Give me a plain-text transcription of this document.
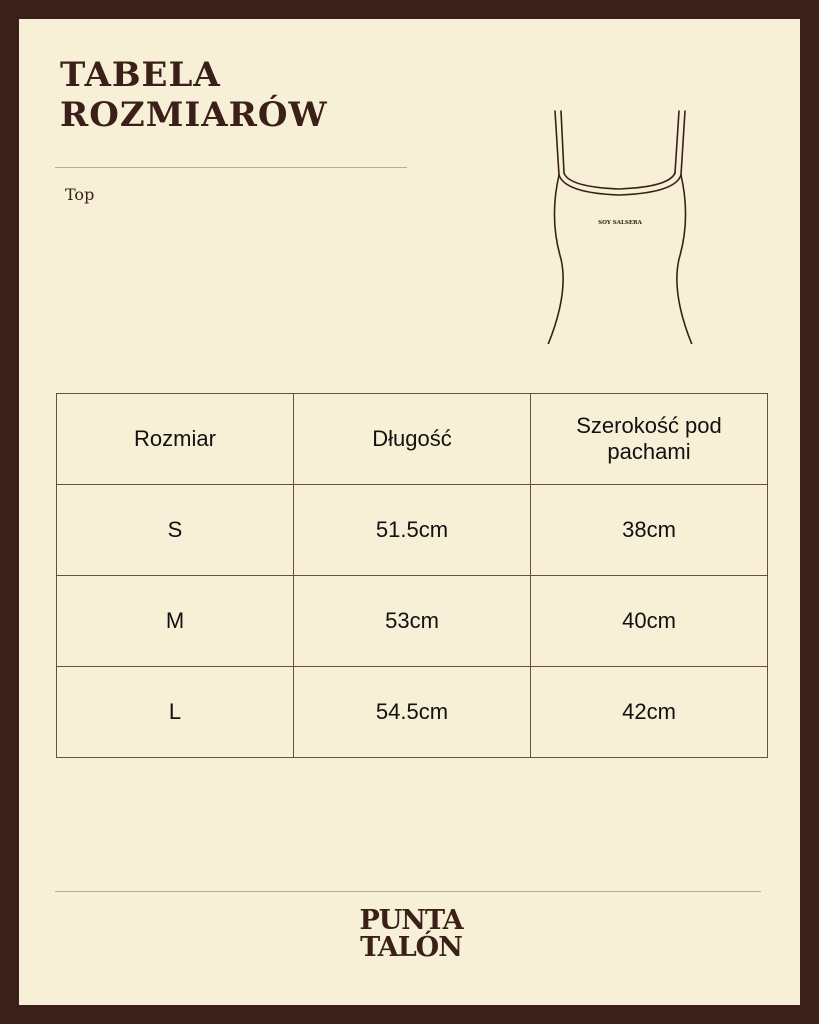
TABELA
ROZMIARÓW
Top
SOY SALSERA
Rozmiar	Długość	Szerokość pod pachami
S	51.5cm	38cm
M	53cm	40cm
L	54.5cm	42cm
PUNTA
TALÓN
